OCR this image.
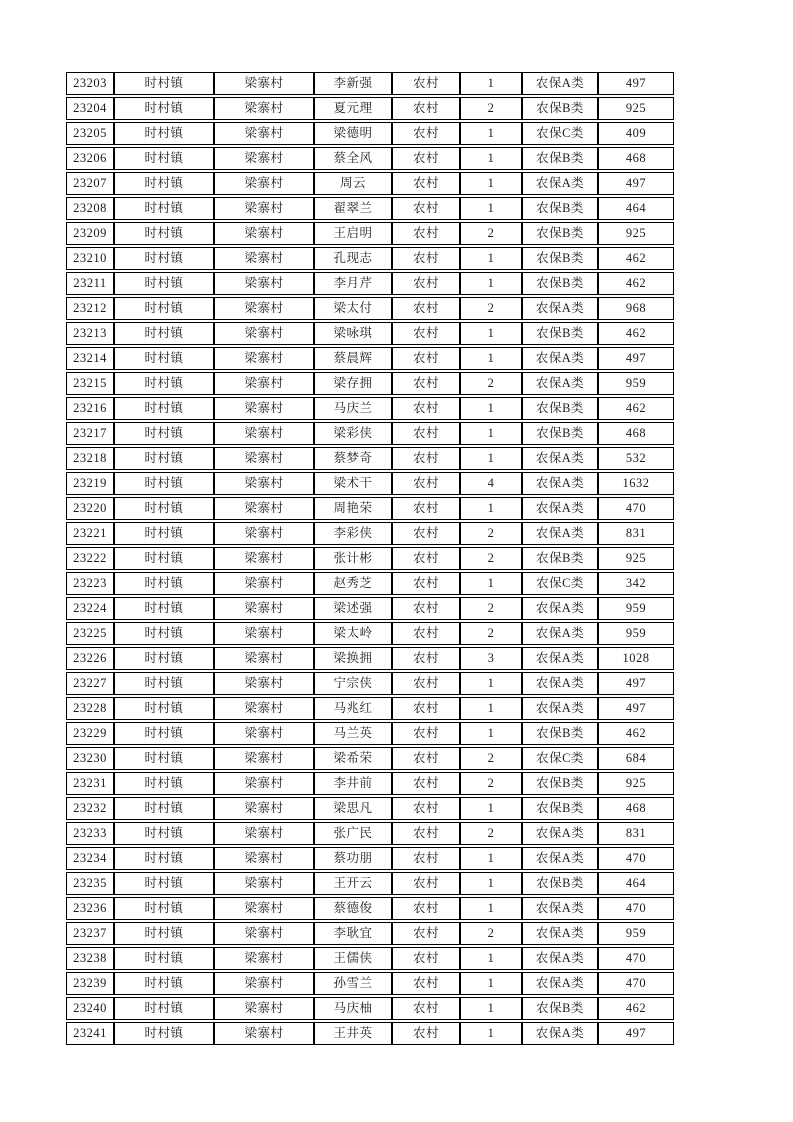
23203	时村镇	梁寨村	李新强	农村	1	农保A类	497
23204	时村镇	梁寨村	夏元理	农村	2	农保B类	925
23205	时村镇	梁寨村	梁德明	农村	1	农保C类	409
23206	时村镇	梁寨村	蔡全风	农村	1	农保B类	468
23207	时村镇	梁寨村	周云	农村	1	农保A类	497
23208	时村镇	梁寨村	翟翠兰	农村	1	农保B类	464
23209	时村镇	梁寨村	王启明	农村	2	农保B类	925
23210	时村镇	梁寨村	孔现志	农村	1	农保B类	462
23211	时村镇	梁寨村	李月芹	农村	1	农保B类	462
23212	时村镇	梁寨村	梁太付	农村	2	农保A类	968
23213	时村镇	梁寨村	梁咏琪	农村	1	农保B类	462
23214	时村镇	梁寨村	蔡晨辉	农村	1	农保A类	497
23215	时村镇	梁寨村	梁存拥	农村	2	农保A类	959
23216	时村镇	梁寨村	马庆兰	农村	1	农保B类	462
23217	时村镇	梁寨村	梁彩侠	农村	1	农保B类	468
23218	时村镇	梁寨村	蔡梦奇	农村	1	农保A类	532
23219	时村镇	梁寨村	梁术干	农村	4	农保A类	1632
23220	时村镇	梁寨村	周艳荣	农村	1	农保A类	470
23221	时村镇	梁寨村	李彩侠	农村	2	农保A类	831
23222	时村镇	梁寨村	张计彬	农村	2	农保B类	925
23223	时村镇	梁寨村	赵秀芝	农村	1	农保C类	342
23224	时村镇	梁寨村	梁述强	农村	2	农保A类	959
23225	时村镇	梁寨村	梁太岭	农村	2	农保A类	959
23226	时村镇	梁寨村	梁换拥	农村	3	农保A类	1028
23227	时村镇	梁寨村	宁宗侠	农村	1	农保A类	497
23228	时村镇	梁寨村	马兆红	农村	1	农保A类	497
23229	时村镇	梁寨村	马兰英	农村	1	农保B类	462
23230	时村镇	梁寨村	梁希荣	农村	2	农保C类	684
23231	时村镇	梁寨村	李井前	农村	2	农保B类	925
23232	时村镇	梁寨村	梁思凡	农村	1	农保B类	468
23233	时村镇	梁寨村	张广民	农村	2	农保A类	831
23234	时村镇	梁寨村	蔡功朋	农村	1	农保A类	470
23235	时村镇	梁寨村	王开云	农村	1	农保B类	464
23236	时村镇	梁寨村	蔡德俊	农村	1	农保A类	470
23237	时村镇	梁寨村	李耿宜	农村	2	农保A类	959
23238	时村镇	梁寨村	王儒侠	农村	1	农保A类	470
23239	时村镇	梁寨村	孙雪兰	农村	1	农保A类	470
23240	时村镇	梁寨村	马庆柚	农村	1	农保B类	462
23241	时村镇	梁寨村	王井英	农村	1	农保A类	497
